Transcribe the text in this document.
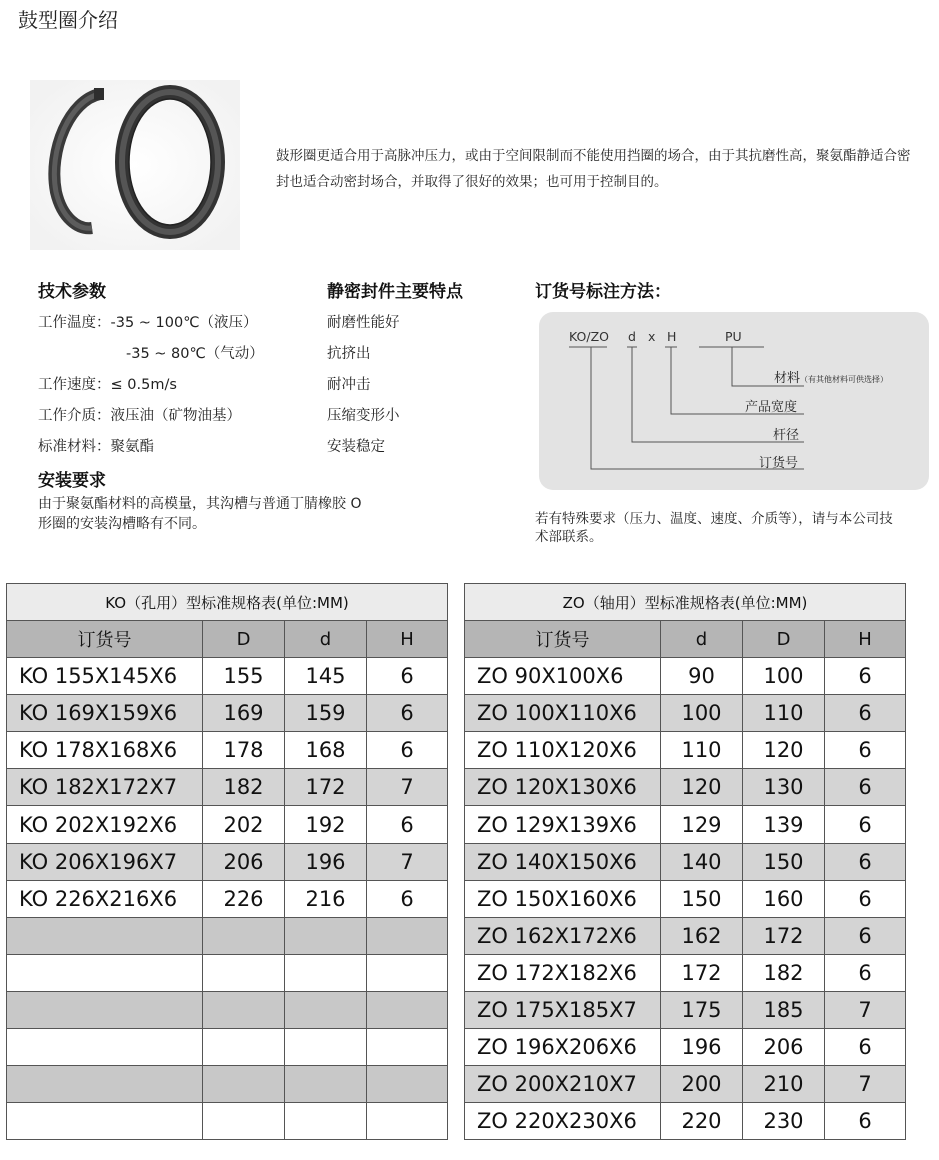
鼓型圈介绍
鼓形圈更适合用于高脉冲压力，或由于空间限制而不能使用挡圈的场合，由于其抗磨性高，聚氨酯静适合密封也适合动密封场合，并取得了很好的效果；也可用于控制目的。
技术参数
工作温度：-35 ~ 100℃（液压）
-35 ~ 80℃（气动）
工作速度：≤ 0.5m/s
工作介质：液压油（矿物油基）
标准材料：聚氨酯
静密封件主要特点
耐磨性能好
抗挤出
耐冲击
压缩变形小
安装稳定
安装要求
由于聚氨酯材料的高模量，其沟槽与普通丁腈橡胶 O 形圈的安装沟槽略有不同。
订货号标注方法：
KO/ZO d x H	PU
材料（有其他材料可供选择）
产品宽度
杆径
订货号
若有特殊要求（压力、温度、速度、介质等），请与本公司技术部联系。
KO（孔用）型标准规格表(单位:MM)			
订货号	D	d	H
KO 155X145X6	155	145	6
KO 169X159X6	169	159	6
KO 178X168X6	178	168	6
KO 182X172X7	182	172	7
KO 202X192X6	202	192	6
KO 206X196X7	206	196	7
KO 226X216X6	226	216	6

ZO（轴用）型标准规格表(单位:MM)			
订货号	d	D	H
ZO 90X100X6	90	100	6
ZO 100X110X6	100	110	6
ZO 110X120X6	110	120	6
ZO 120X130X6	120	130	6
ZO 129X139X6	129	139	6
ZO 140X150X6	140	150	6
ZO 150X160X6	150	160	6
ZO 162X172X6	162	172	6
ZO 172X182X6	172	182	6
ZO 175X185X7	175	185	7
ZO 196X206X6	196	206	6
ZO 200X210X7	200	210	7
ZO 220X230X6	220	230	6
